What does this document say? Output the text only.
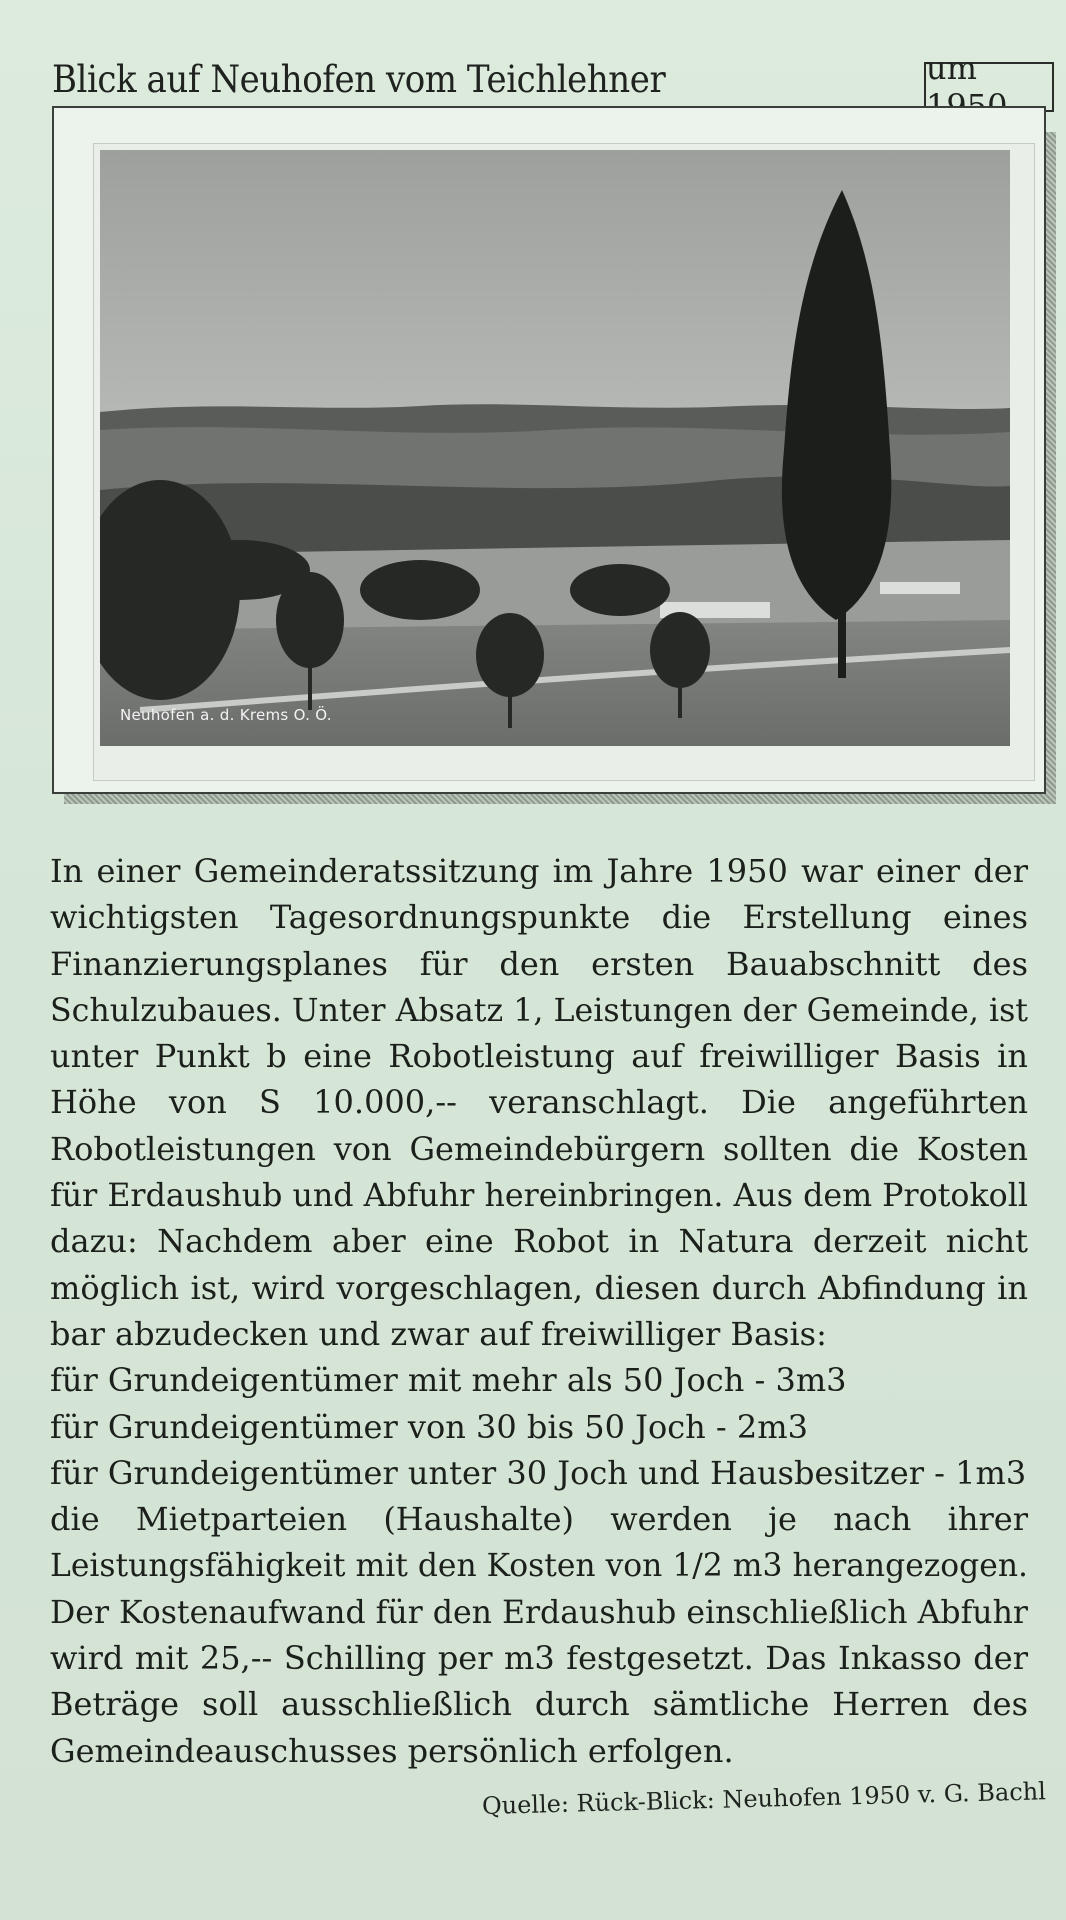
Blick auf Neuhofen vom Teichlehner	um
Neuhofen a. d. Krems O. Ö.
In einer Gemeinderatssitzung im Jahre 1950 war einer der
wichtigsten Tagesordnungspunkte die Erstellung eines
Finanzierungsplanes für den ersten Bauabschnitt des
Schulzubaues. Unter Absatz 1, Leistungen der Gemeinde, ist
unter Punkt b eine Robotleistung auf freiwilliger Basis in
Höhe von S 10.000,-- veranschlagt. Die angeführten
Robotleistungen von Gemeindebürgern sollten die Kosten
für Erdaushub und Abfuhr hereinbringen. Aus dem Protokoll
dazu: Nachdem aber eine Robot in Natura derzeit nicht
möglich ist, wird vorgeschlagen, diesen durch Abfindung in
bar abzudecken und zwar auf freiwilliger Basis:
für Grundeigentümer mit mehr als 50 Joch - 3m3
für Grundeigentümer von 30 bis 50 Joch - 2m3
für Grundeigentümer unter 30 Joch und Hausbesitzer - 1m3
die Mietparteien (Haushalte) werden je nach ihrer
Leistungsfähigkeit mit den Kosten von 1/2 m3 herangezogen.
Der Kostenaufwand für den Erdaushub einschließlich Abfuhr
wird mit 25,-- Schilling per m3 festgesetzt. Das Inkasso der
Beträge soll ausschließlich durch sämtliche Herren des
Gemeindeauschusses persönlich erfolgen.
Quelle: Rück-Blick: Neuhofen 1950 v. G. Bachl
